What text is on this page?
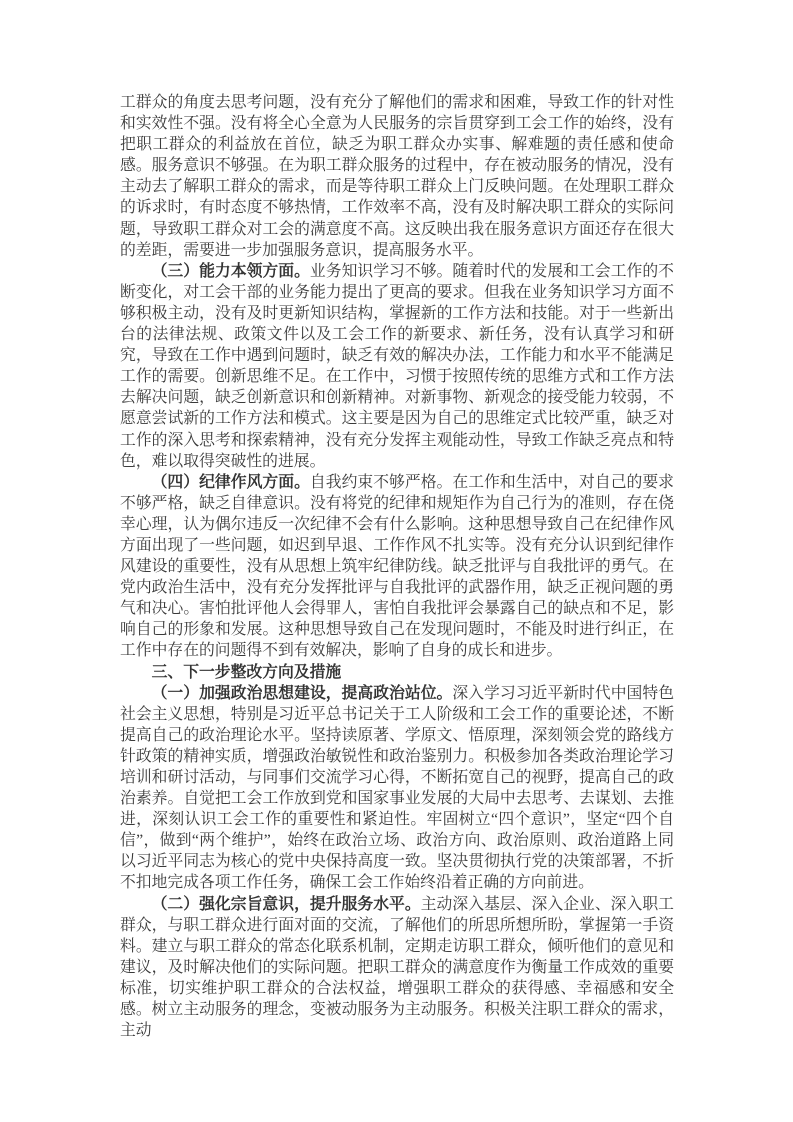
工群众的角度去思考问题，没有充分了解他们的需求和困难，导致工作的针对性和实效性不强。没有将全心全意为人民服务的宗旨贯穿到工会工作的始终，没有把职工群众的利益放在首位，缺乏为职工群众办实事、解难题的责任感和使命感。服务意识不够强。在为职工群众服务的过程中，存在被动服务的情况，没有主动去了解职工群众的需求，而是等待职工群众上门反映问题。在处理职工群众的诉求时，有时态度不够热情，工作效率不高，没有及时解决职工群众的实际问题，导致职工群众对工会的满意度不高。这反映出我在服务意识方面还存在很大的差距，需要进一步加强服务意识，提高服务水平。

（三）能力本领方面。业务知识学习不够。随着时代的发展和工会工作的不断变化，对工会干部的业务能力提出了更高的要求。但我在业务知识学习方面不够积极主动，没有及时更新知识结构，掌握新的工作方法和技能。对于一些新出台的法律法规、政策文件以及工会工作的新要求、新任务，没有认真学习和研究，导致在工作中遇到问题时，缺乏有效的解决办法，工作能力和水平不能满足工作的需要。创新思维不足。在工作中，习惯于按照传统的思维方式和工作方法去解决问题，缺乏创新意识和创新精神。对新事物、新观念的接受能力较弱，不愿意尝试新的工作方法和模式。这主要是因为自己的思维定式比较严重，缺乏对工作的深入思考和探索精神，没有充分发挥主观能动性，导致工作缺乏亮点和特色，难以取得突破性的进展。

（四）纪律作风方面。自我约束不够严格。在工作和生活中，对自己的要求不够严格，缺乏自律意识。没有将党的纪律和规矩作为自己行为的准则，存在侥幸心理，认为偶尔违反一次纪律不会有什么影响。这种思想导致自己在纪律作风方面出现了一些问题，如迟到早退、工作作风不扎实等。没有充分认识到纪律作风建设的重要性，没有从思想上筑牢纪律防线。缺乏批评与自我批评的勇气。在党内政治生活中，没有充分发挥批评与自我批评的武器作用，缺乏正视问题的勇气和决心。害怕批评他人会得罪人，害怕自我批评会暴露自己的缺点和不足，影响自己的形象和发展。这种思想导致自己在发现问题时，不能及时进行纠正，在工作中存在的问题得不到有效解决，影响了自身的成长和进步。

三、下一步整改方向及措施

（一）加强政治思想建设，提高政治站位。深入学习习近平新时代中国特色社会主义思想，特别是习近平总书记关于工人阶级和工会工作的重要论述，不断提高自己的政治理论水平。坚持读原著、学原文、悟原理，深刻领会党的路线方针政策的精神实质，增强政治敏锐性和政治鉴别力。积极参加各类政治理论学习培训和研讨活动，与同事们交流学习心得，不断拓宽自己的视野，提高自己的政治素养。自觉把工会工作放到党和国家事业发展的大局中去思考、去谋划、去推进，深刻认识工会工作的重要性和紧迫性。牢固树立“四个意识”，坚定“四个自信”，做到“两个维护”，始终在政治立场、政治方向、政治原则、政治道路上同以习近平同志为核心的党中央保持高度一致。坚决贯彻执行党的决策部署，不折不扣地完成各项工作任务，确保工会工作始终沿着正确的方向前进。

（二）强化宗旨意识，提升服务水平。主动深入基层、深入企业、深入职工群众，与职工群众进行面对面的交流，了解他们的所思所想所盼，掌握第一手资料。建立与职工群众的常态化联系机制，定期走访职工群众，倾听他们的意见和建议，及时解决他们的实际问题。把职工群众的满意度作为衡量工作成效的重要标准，切实维护职工群众的合法权益，增强职工群众的获得感、幸福感和安全感。树立主动服务的理念，变被动服务为主动服务。积极关注职工群众的需求，主动
